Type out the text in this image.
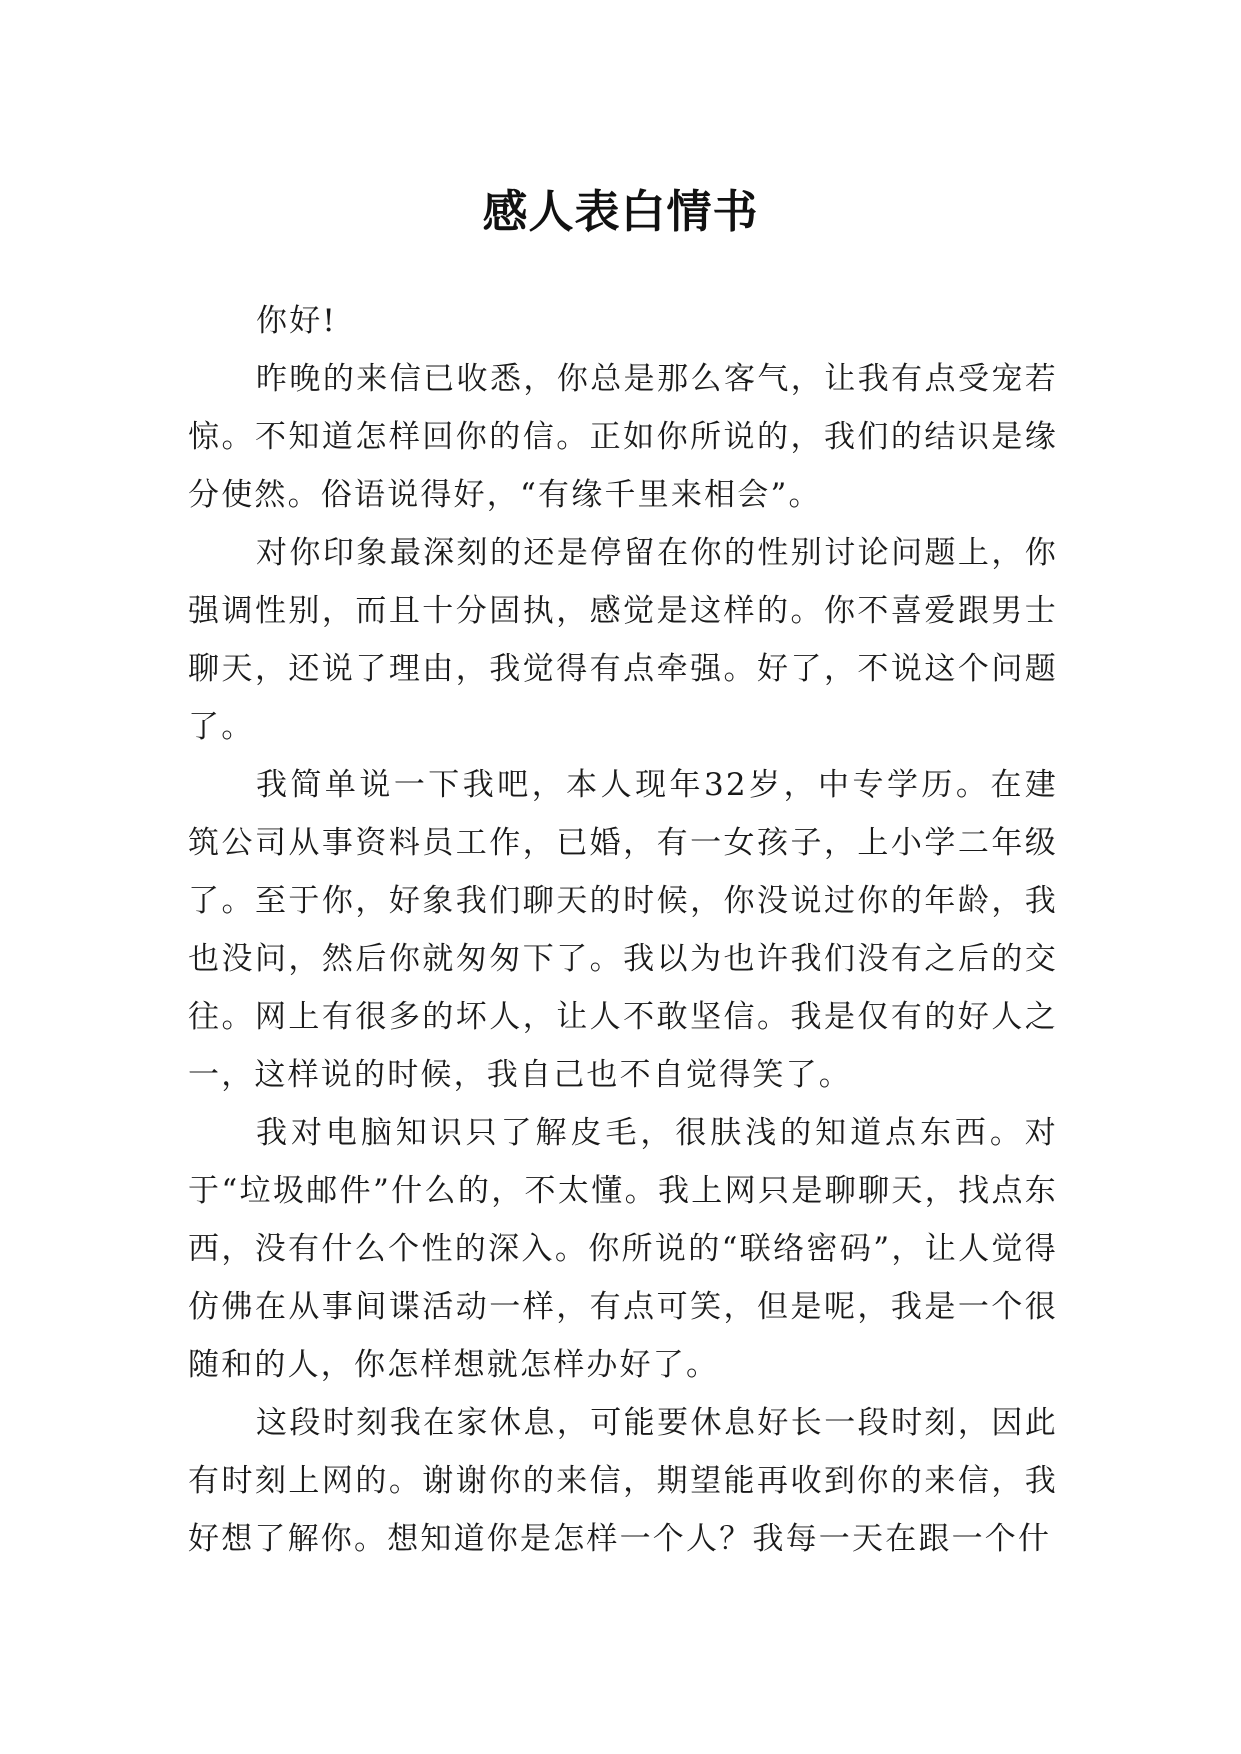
感人表白情书

你好!

昨晚的来信已收悉，你总是那么客气，让我有点受宠若惊。不知道怎样回你的信。正如你所说的，我们的结识是缘分使然。俗语说得好，“有缘千里来相会”。

对你印象最深刻的还是停留在你的性别讨论问题上，你强调性别，而且十分固执，感觉是这样的。你不喜爱跟男士聊天，还说了理由，我觉得有点牵强。好了，不说这个问题了。

我简单说一下我吧，本人现年32岁，中专学历。在建筑公司从事资料员工作，已婚，有一女孩子，上小学二年级了。至于你，好象我们聊天的时候，你没说过你的年龄，我也没问，然后你就匆匆下了。我以为也许我们没有之后的交往。网上有很多的坏人，让人不敢坚信。我是仅有的好人之一，这样说的时候，我自己也不自觉得笑了。

我对电脑知识只了解皮毛，很肤浅的知道点东西。对于“垃圾邮件”什么的，不太懂。我上网只是聊聊天，找点东西，没有什么个性的深入。你所说的“联络密码”，让人觉得仿佛在从事间谍活动一样，有点可笑，但是呢，我是一个很随和的人，你怎样想就怎样办好了。

这段时刻我在家休息，可能要休息好长一段时刻，因此有时刻上网的。谢谢你的来信，期望能再收到你的来信，我好想了解你。想知道你是怎样一个人？我每一天在跟一个什
